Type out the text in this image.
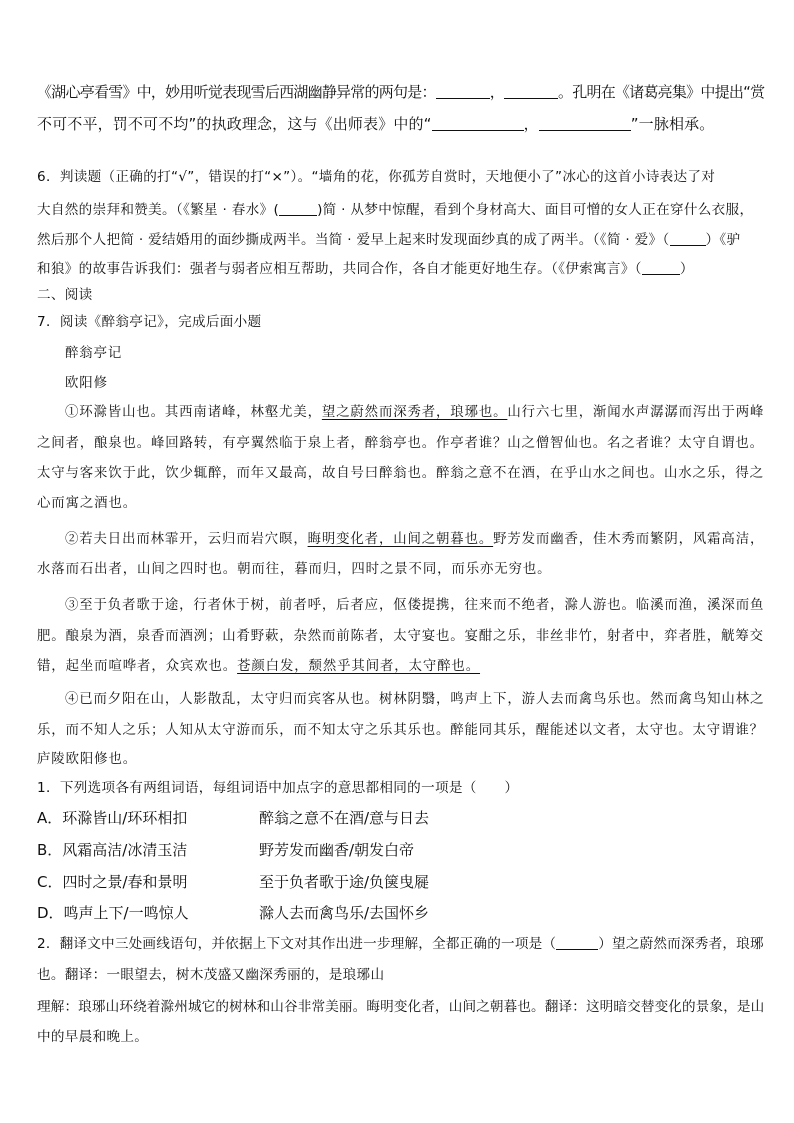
《湖心亭看雪》中，妙用听觉表现雪后西湖幽静异常的两句是：	，	。孔明在《诸葛亮集》中提出“赏
不可不平，罚不可不均”的执政理念，这与《出师表》中的“	，	”一脉相承。
6．判读题（正确的打“√”，错误的打“×”）。“墙角的花，你孤芳自赏时，天地便小了”冰心的这首小诗表达了对
大自然的崇拜和赞美。（《繁星 · 春水》(	)简 · 从梦中惊醒，看到个身材高大、面目可憎的女人正在穿什么衣服，
然后那个人把简 · 爱结婚用的面纱撕成两半。当简 · 爱早上起来时发现面纱真的成了两半。（《简 · 爱》（	）《驴
和狼》的故事告诉我们：强者与弱者应相互帮助，共同合作，各自才能更好地生存。（《伊索寓言》（	）
二、阅读
7．阅读《醉翁亭记》，完成后面小题
醉翁亭记
欧阳修
①环滁皆山也。其西南诸峰，林壑尤美，望之蔚然而深秀者，琅琊也。山行六七里，渐闻水声潺潺而泻出于两峰
之间者，酿泉也。峰回路转，有亭翼然临于泉上者，醉翁亭也。作亭者谁？山之僧智仙也。名之者谁？太守自谓也。
太守与客来饮于此，饮少辄醉，而年又最高，故自号曰醉翁也。醉翁之意不在酒，在乎山水之间也。山水之乐，得之
心而寓之酒也。
②若夫日出而林霏开，云归而岩穴暝，晦明变化者，山间之朝暮也。野芳发而幽香，佳木秀而繁阴，风霜高洁，
水落而石出者，山间之四时也。朝而往，暮而归，四时之景不同，而乐亦无穷也。
③至于负者歌于途，行者休于树，前者呼，后者应，伛偻提携，往来而不绝者，滁人游也。临溪而渔，溪深而鱼
肥。酿泉为酒，泉香而酒洌；山肴野蔌，杂然而前陈者，太守宴也。宴酣之乐，非丝非竹，射者中，弈者胜，觥筹交
错，起坐而喧哗者，众宾欢也。苍颜白发，颓然乎其间者，太守醉也。
④已而夕阳在山，人影散乱，太守归而宾客从也。树林阴翳，鸣声上下，游人去而禽鸟乐也。然而禽鸟知山林之
乐，而不知人之乐；人知从太守游而乐，而不知太守之乐其乐也。醉能同其乐，醒能述以文者，太守也。太守谓谁？
庐陵欧阳修也。
1．下列选项各有两组词语，每组词语中加点字的意思都相同的一项是（　　）
A．环滁皆山/环环相扣	醉翁之意不在酒/意与日去
B．风霜高洁/冰清玉洁	野芳发而幽香/朝发白帝
C．四时之景/春和景明	至于负者歌于途/负箧曳屣
D．鸣声上下/一鸣惊人	滁人去而禽鸟乐/去国怀乡
2．翻译文中三处画线语句，并依据上下文对其作出进一步理解，全都正确的一项是（	）望之蔚然而深秀者，琅琊
也。翻译：一眼望去，树木茂盛又幽深秀丽的，是琅琊山
理解：琅琊山环绕着滁州城它的树林和山谷非常美丽。晦明变化者，山间之朝暮也。翻译：这明暗交替变化的景象，是山
中的早晨和晚上。
